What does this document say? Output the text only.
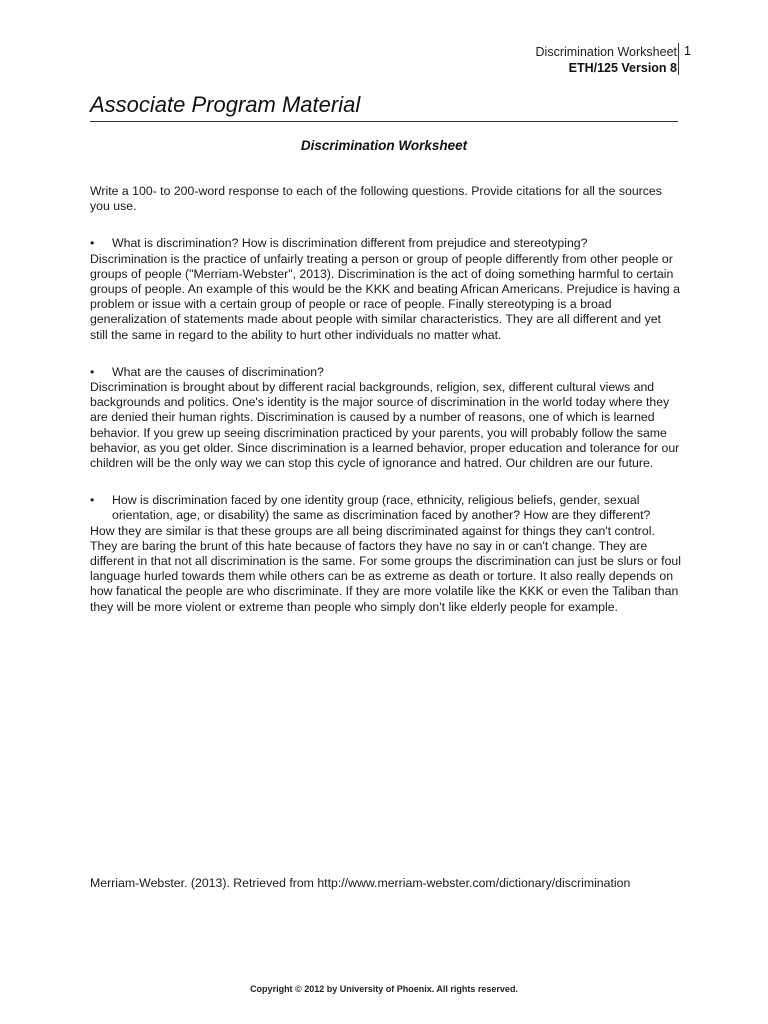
Discrimination Worksheet
ETH/125 Version 8
1
Associate Program Material
Discrimination Worksheet

Write a 100- to 200-word response to each of the following questions. Provide citations for all the sources you use.

• What is discrimination? How is discrimination different from prejudice and stereotyping?

Discrimination is the practice of unfairly treating a person or group of people differently from other people or groups of people ("Merriam-Webster", 2013). Discrimination is the act of doing something harmful to certain groups of people. An example of this would be the KKK and beating African Americans. Prejudice is having a problem or issue with a certain group of people or race of people. Finally stereotyping is a broad generalization of statements made about people with similar characteristics. They are all different and yet still the same in regard to the ability to hurt other individuals no matter what.

• What are the causes of discrimination?

Discrimination is brought about by different racial backgrounds, religion, sex, different cultural views and backgrounds and politics. One's identity is the major source of discrimination in the world today where they are denied their human rights. Discrimination is caused by a number of reasons, one of which is learned behavior. If you grew up seeing discrimination practiced by your parents, you will probably follow the same behavior, as you get older. Since discrimination is a learned behavior, proper education and tolerance for our children will be the only way we can stop this cycle of ignorance and hatred. Our children are our future.

• How is discrimination faced by one identity group (race, ethnicity, religious beliefs, gender, sexual orientation, age, or disability) the same as discrimination faced by another? How are they different?

How they are similar is that these groups are all being discriminated against for things they can't control. They are baring the brunt of this hate because of factors they have no say in or can't change. They are different in that not all discrimination is the same. For some groups the discrimination can just be slurs or foul language hurled towards them while others can be as extreme as death or torture. It also really depends on how fanatical the people are who discriminate. If they are more volatile like the KKK or even the Taliban than they will be more violent or extreme than people who simply don't like elderly people for example.

Merriam-Webster. (2013). Retrieved from http://www.merriam-webster.com/dictionary/discrimination
Copyright © 2012 by University of Phoenix. All rights reserved.
